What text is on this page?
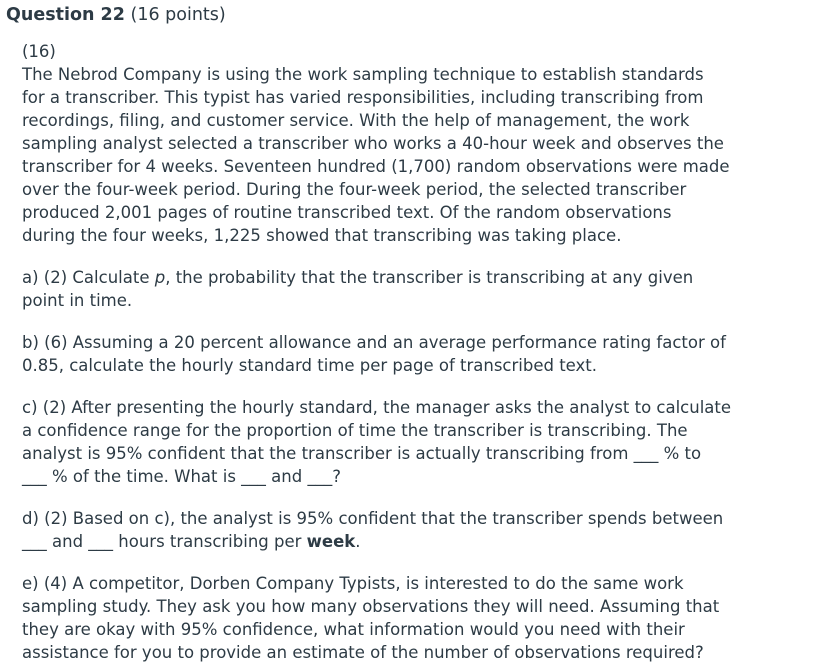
Question 22 (16 points)

(16)

The Nebrod Company is using the work sampling technique to establish standards

for a transcriber. This typist has varied responsibilities, including transcribing from

recordings, filing, and customer service. With the help of management, the work

sampling analyst selected a transcriber who works a 40-hour week and observes the

transcriber for 4 weeks. Seventeen hundred (1,700) random observations were made

over the four-week period. During the four-week period, the selected transcriber

produced 2,001 pages of routine transcribed text. Of the random observations

during the four weeks, 1,225 showed that transcribing was taking place.

a) (2) Calculate p, the probability that the transcriber is transcribing at any given

point in time.

b) (6) Assuming a 20 percent allowance and an average performance rating factor of

0.85, calculate the hourly standard time per page of transcribed text.

c) (2) After presenting the hourly standard, the manager asks the analyst to calculate

a confidence range for the proportion of time the transcriber is transcribing. The

analyst is 95% confident that the transcriber is actually transcribing from ___ % to

___ % of the time. What is ___ and ___?

d) (2) Based on c), the analyst is 95% confident that the transcriber spends between

___ and ___ hours transcribing per week.

e) (4) A competitor, Dorben Company Typists, is interested to do the same work

sampling study. They ask you how many observations they will need. Assuming that

they are okay with 95% confidence, what information would you need with their

assistance for you to provide an estimate of the number of observations required?
